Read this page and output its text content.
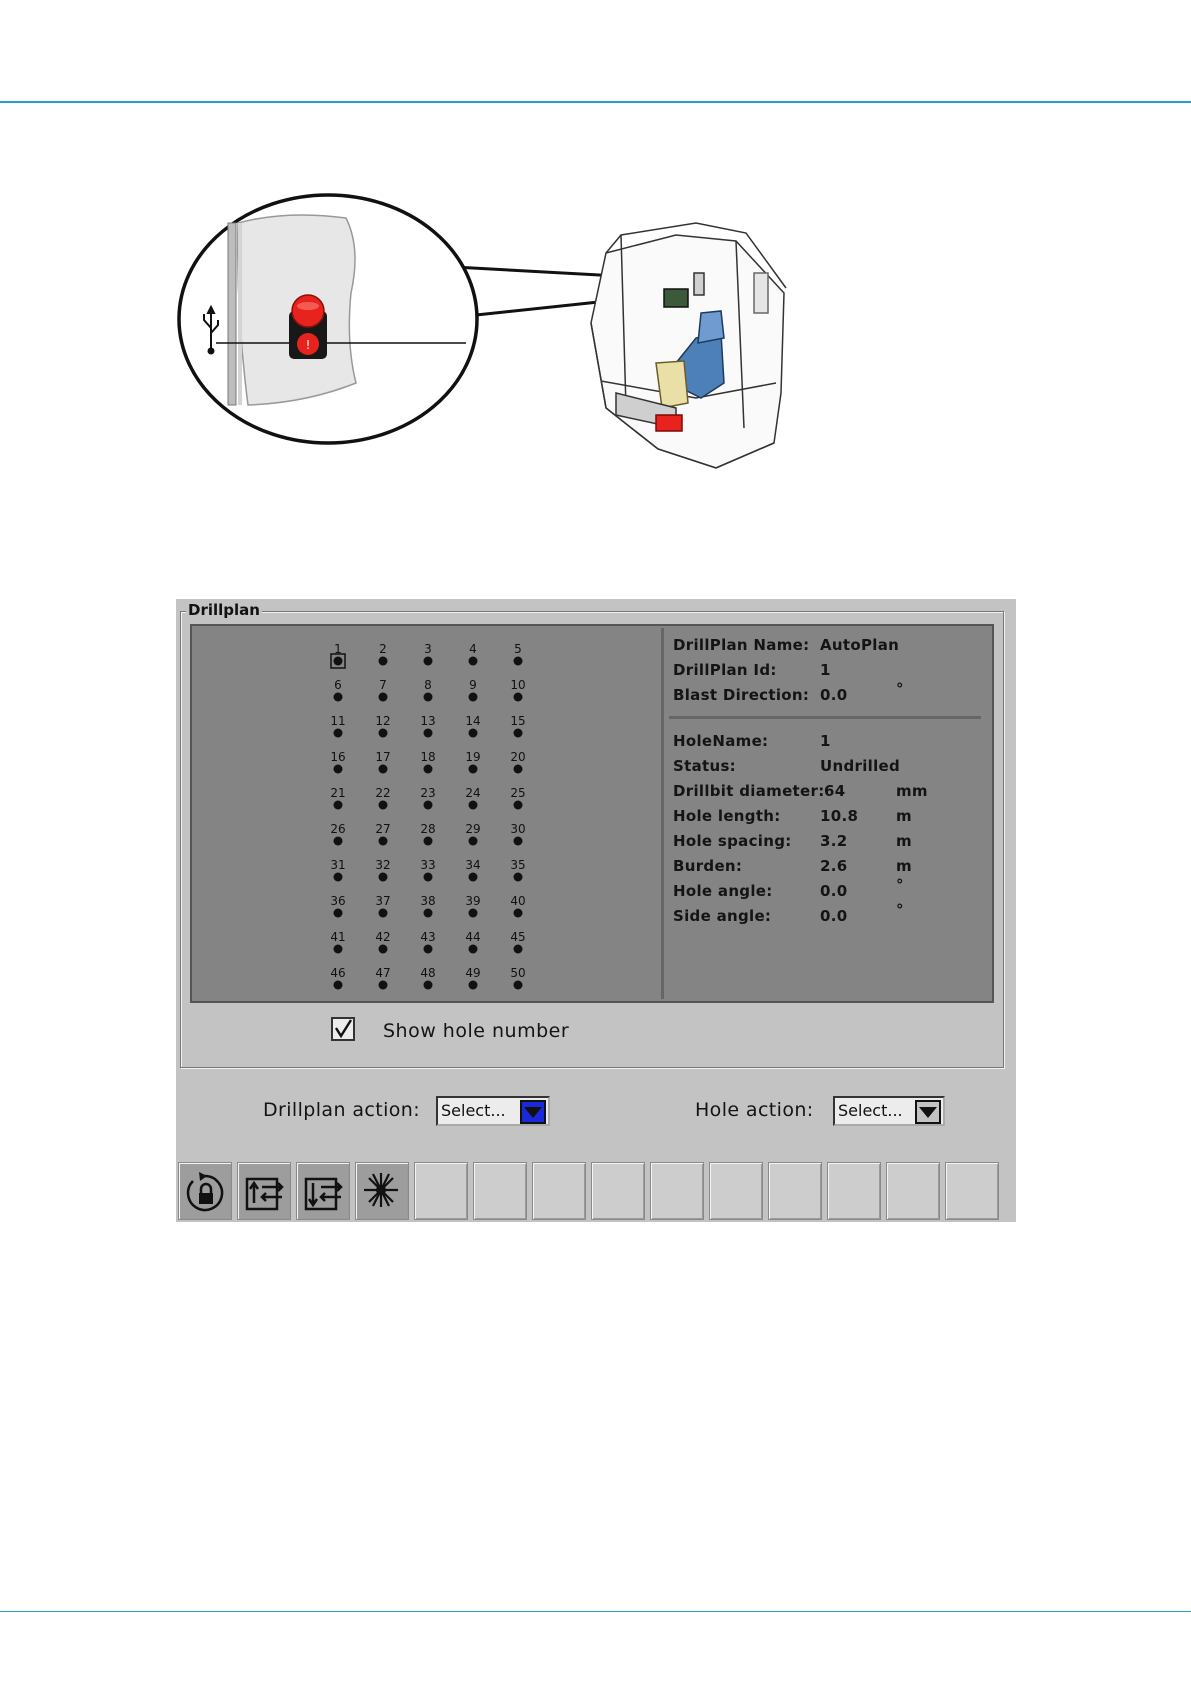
!
Drillplan
1	2	3	4	5
6	7	8	9	10
11 12 13 14 15
16 17 18 19 20
21 22 23 24 25
26 27 28 29 30
31 32 33 34 35
36 37 38 39 40
41 42 43 44 45
46 47 48 49 50
DrillPlan Name: AutoPlan
DrillPlan Id:	1
Blast Direction: 0.0	°
HoleName:	1
Status:	Undrilled
Drillbit diameter: 64	mm
Hole length:	10.8	m
Hole spacing: 3.2	m
Burden:	2.6	m
Hole angle:	0.0	°
Side angle:	0.0	°
Show hole number
Drillplan action: Select...	Hole action: Select...
